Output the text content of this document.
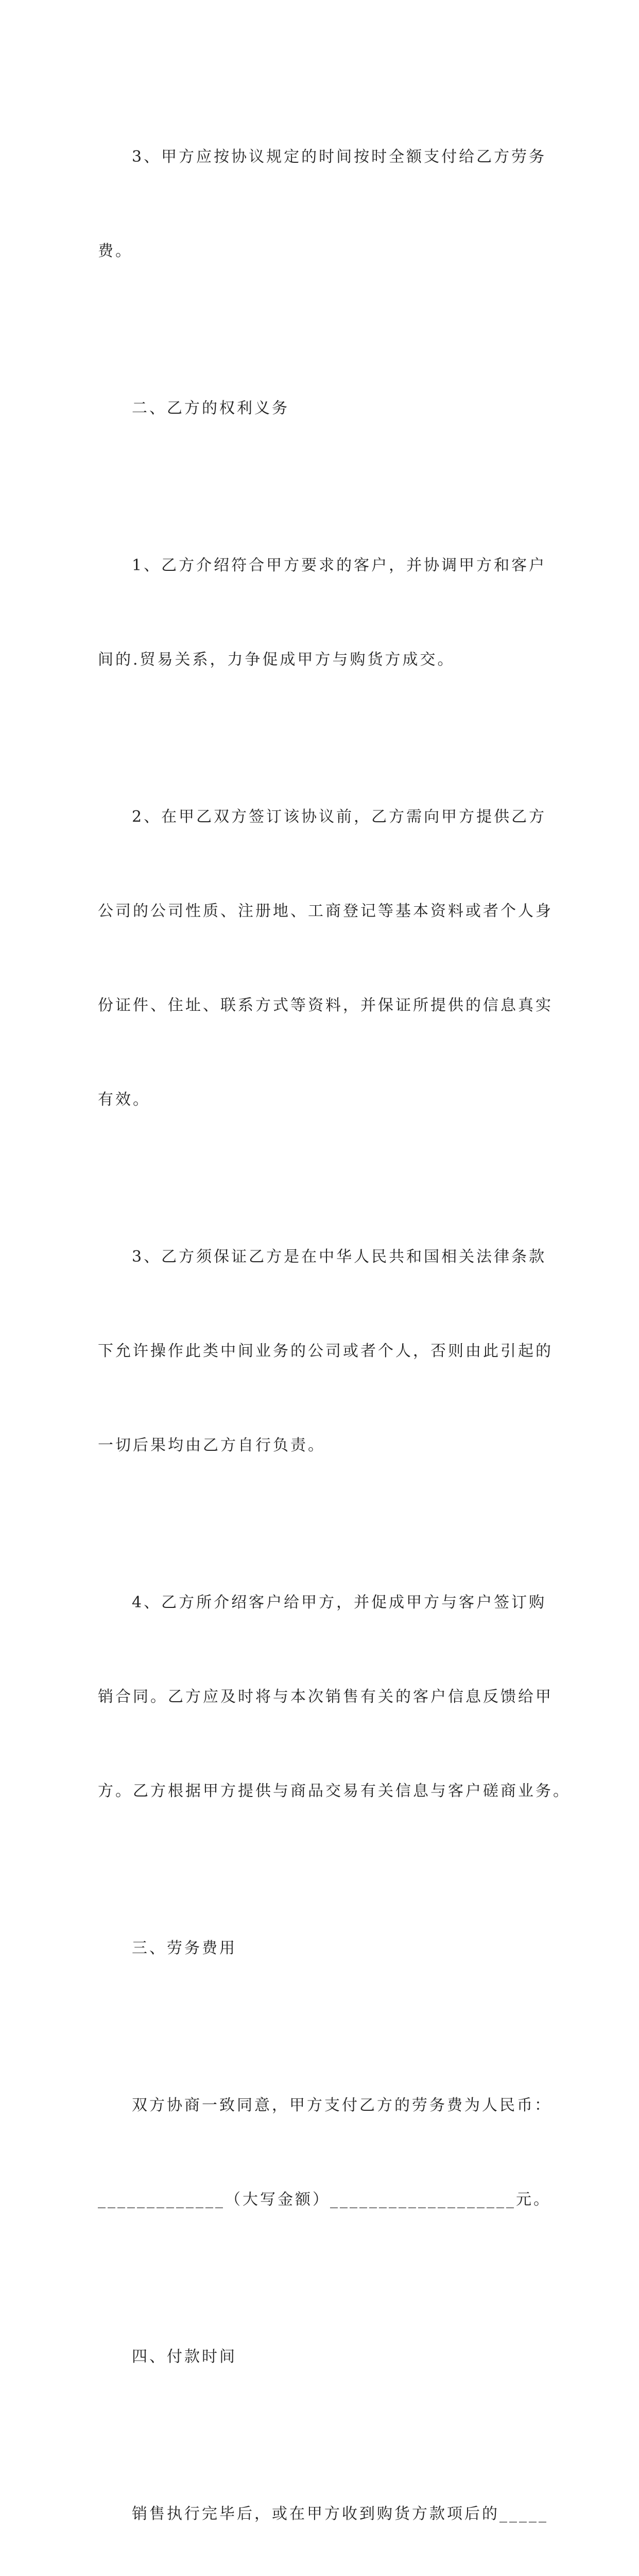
3、甲方应按协议规定的时间按时全额支付给乙方劳务

费。

二、乙方的权利义务

1、乙方介绍符合甲方要求的客户，并协调甲方和客户

间的.贸易关系，力争促成甲方与购货方成交。

2、在甲乙双方签订该协议前，乙方需向甲方提供乙方

公司的公司性质、注册地、工商登记等基本资料或者个人身

份证件、住址、联系方式等资料，并保证所提供的信息真实

有效。

3、乙方须保证乙方是在中华人民共和国相关法律条款

下允许操作此类中间业务的公司或者个人，否则由此引起的

一切后果均由乙方自行负责。

4、乙方所介绍客户给甲方，并促成甲方与客户签订购

销合同。乙方应及时将与本次销售有关的客户信息反馈给甲

方。乙方根据甲方提供与商品交易有关信息与客户磋商业务。

三、劳务费用

双方协商一致同意，甲方支付乙方的劳务费为人民币：

_____________（大写金额）___________________元。

四、付款时间

销售执行完毕后，或在甲方收到购货方款项后的_____
